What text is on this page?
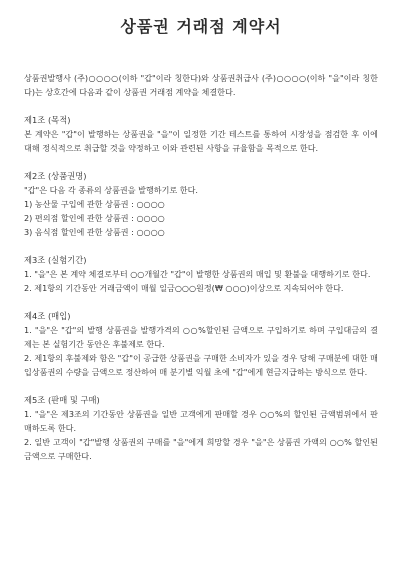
상품권 거래점 계약서

상품권발행사 (주)○○○○(이하 "갑"이라 칭한다)와 상품권취급사 (주)○○○○(이하 "을"이라 칭한다)는 상호간에 다음과 같이 상품권 거래점 계약을 체결한다.

제1조 (목적)

본 계약은 "갑"이 발행하는 상품권을 "을"이 일정한 기간 테스트를 통하여 시장성을 점검한 후 이에 대해 정식적으로 취급할 것을 약정하고 이와 관련된 사항을 규율함을 목적으로 한다.

제2조 (상품권명)

"갑"은 다음 각 종류의 상품권을 발행하기로 한다.

1) 농산물 구입에 관한 상품권 : ○○○○

2) 편의점 할인에 관한 상품권 : ○○○○

3) 음식점 할인에 관한 상품권 : ○○○○

제3조 (실험기간)

1. "을"은 본 계약 체결로부터 ○○개월간 "갑"이 발행한 상품권의 매입 및 환불을 대행하기로 한다.

2. 제1항의 기간동안 거래금액이 매월 일금○○○원정(₩ ○○○)이상으로 지속되어야 한다.

제4조 (매입)

1. "을"은 "갑"의 발행 상품권을 발행가격의 ○○%할인된 금액으로 구입하기로 하며 구입대금의 결제는 본 실험기간 동안은 후불제로 한다.

2. 제1항의 후불제와 함은 "갑"이 공급한 상품권을 구매한 소비자가 있을 경우 당해 구매분에 대한 매입상품권의 수량을 금액으로 정산하여 매 분기별 익월 초에 "갑"에게 현금지급하는 방식으로 한다.

제5조 (판매 및 구매)

1. "을"은 제3조의 기간동안 상품권을 일반 고객에게 판매할 경우 ○○%의 할인된 금액범위에서 판매하도록 한다.

2. 일반 고객이 "갑"발행 상품권의 구매를 "을"에게 희망할 경우 "을"은 상품권 가액의 ○○% 할인된 금액으로 구매한다.
